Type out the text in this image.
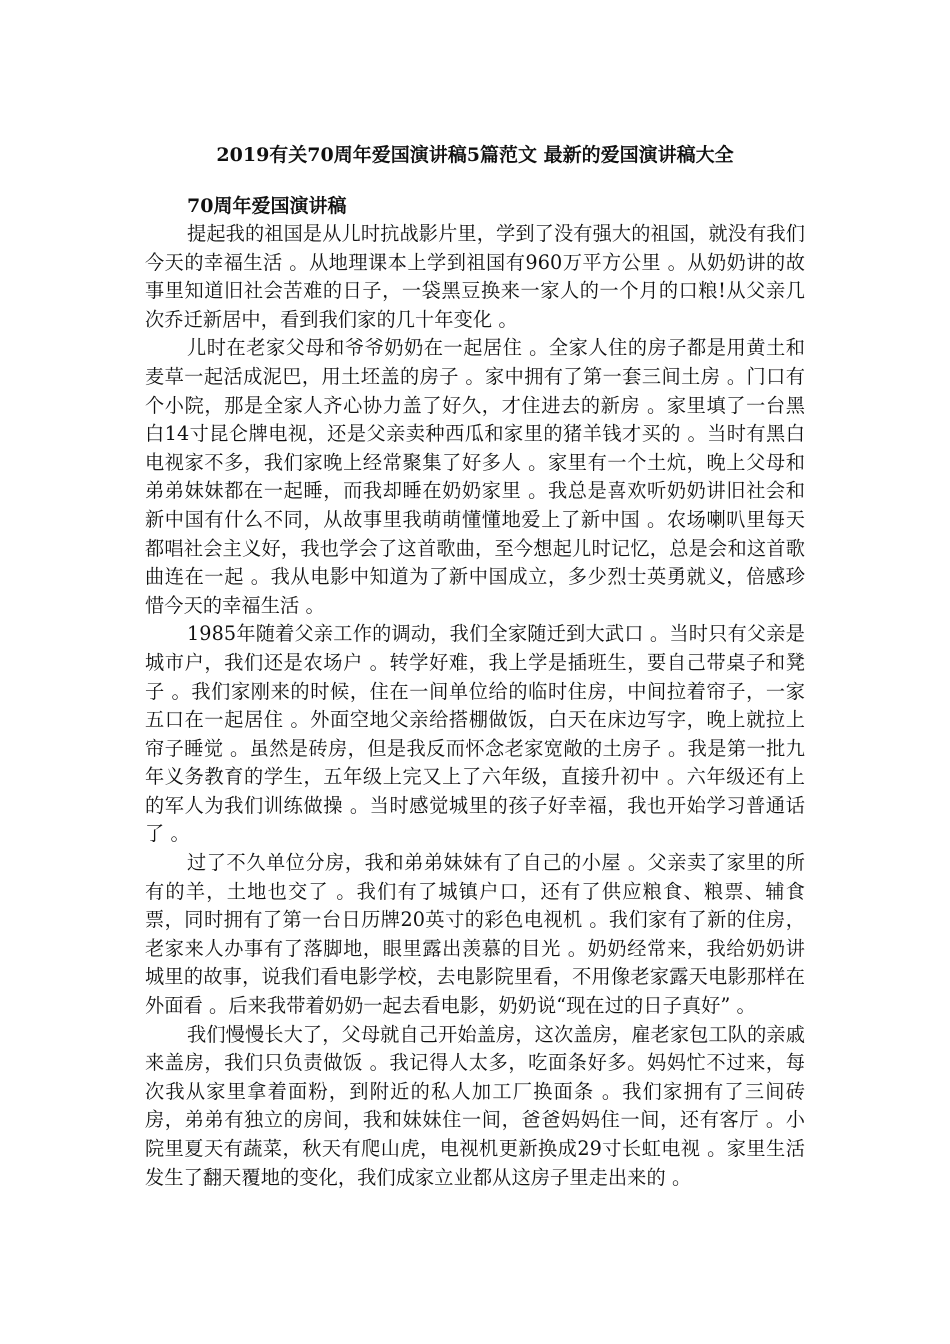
2019有关70周年爱国演讲稿5篇范文 最新的爱国演讲稿大全
70周年爱国演讲稿

提起我的祖国是从儿时抗战影片里，学到了没有强大的祖国，就没有我们今天的幸福生活 。从地理课本上学到祖国有960万平方公里 。从奶奶讲的故事里知道旧社会苦难的日子，一袋黑豆换来一家人的一个月的口粮!从父亲几次乔迁新居中，看到我们家的几十年变化 。

儿时在老家父母和爷爷奶奶在一起居住 。全家人住的房子都是用黄土和麦草一起活成泥巴，用土坯盖的房子 。家中拥有了第一套三间土房 。门口有个小院，那是全家人齐心协力盖了好久，才住进去的新房 。家里填了一台黑白14寸昆仑牌电视，还是父亲卖种西瓜和家里的猪羊钱才买的 。当时有黑白电视家不多，我们家晚上经常聚集了好多人 。家里有一个土炕，晚上父母和弟弟妹妹都在一起睡，而我却睡在奶奶家里 。我总是喜欢听奶奶讲旧社会和新中国有什么不同，从故事里我萌萌懂懂地爱上了新中国 。农场喇叭里每天都唱社会主义好，我也学会了这首歌曲，至今想起儿时记忆，总是会和这首歌曲连在一起 。我从电影中知道为了新中国成立，多少烈士英勇就义，倍感珍惜今天的幸福生活 。

1985年随着父亲工作的调动，我们全家随迁到大武口 。当时只有父亲是城市户，我们还是农场户 。转学好难，我上学是插班生，要自己带桌子和凳子 。我们家刚来的时候，住在一间单位给的临时住房，中间拉着帘子，一家五口在一起居住 。外面空地父亲给搭棚做饭，白天在床边写字，晚上就拉上帘子睡觉 。虽然是砖房，但是我反而怀念老家宽敞的土房子 。我是第一批九年义务教育的学生，五年级上完又上了六年级，直接升初中 。六年级还有上的军人为我们训练做操 。当时感觉城里的孩子好幸福，我也开始学习普通话了 。

过了不久单位分房，我和弟弟妹妹有了自己的小屋 。父亲卖了家里的所有的羊，土地也交了 。我们有了城镇户口，还有了供应粮食、粮票、辅食票，同时拥有了第一台日历牌20英寸的彩色电视机 。我们家有了新的住房，老家来人办事有了落脚地，眼里露出羡慕的目光 。奶奶经常来，我给奶奶讲城里的故事，说我们看电影学校，去电影院里看，不用像老家露天电影那样在外面看 。后来我带着奶奶一起去看电影，奶奶说“现在过的日子真好” 。

我们慢慢长大了，父母就自己开始盖房，这次盖房，雇老家包工队的亲戚来盖房，我们只负责做饭 。我记得人太多，吃面条好多。妈妈忙不过来，每次我从家里拿着面粉，到附近的私人加工厂换面条 。我们家拥有了三间砖房，弟弟有独立的房间，我和妹妹住一间，爸爸妈妈住一间，还有客厅 。小院里夏天有蔬菜，秋天有爬山虎，电视机更新换成29寸长虹电视 。家里生活发生了翻天覆地的变化，我们成家立业都从这房子里走出来的 。
